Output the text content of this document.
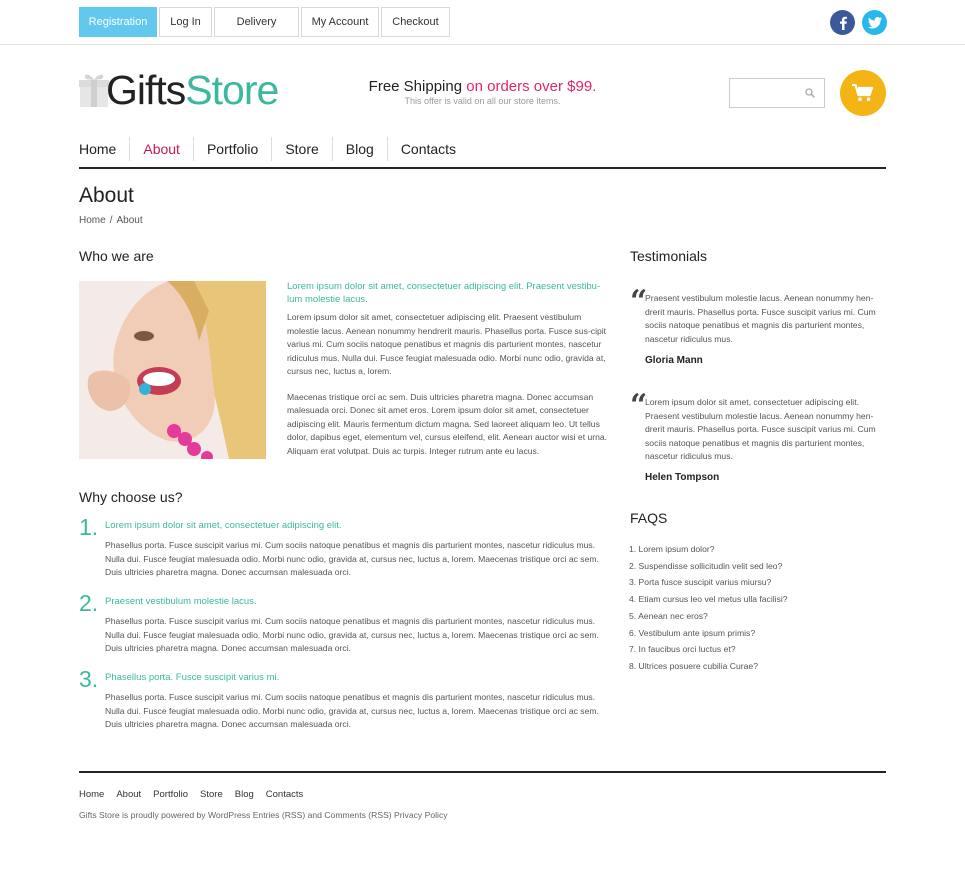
Registration	Log In	Delivery	My Account	Checkout
Gifts Store	Free Shipping on orders over $99.
This offer is valid on all our store items.
Home	About	Portfolio	Store	Blog	Contacts
About
Home / About
Who we are
Lorem ipsum dolor sit amet, consectetuer adipiscing elit. Praesent vestibu-lum molestie lacus.
Lorem ipsum dolor sit amet, consectetuer adipiscing elit. Praesent vestibulum molestie lacus. Aenean nonummy hendrerit mauris. Phasellus porta. Fusce sus-cipit varius mi. Cum sociis natoque penatibus et magnis dis parturient montes, nascetur ridiculus mus. Nulla dui. Fusce feugiat malesuada odio. Morbi nunc odio, gravida at, cursus nec, luctus a, lorem.
Maecenas tristique orci ac sem. Duis ultricies pharetra magna. Donec accumsan malesuada orci. Donec sit amet eros. Lorem ipsum dolor sit amet, consectetuer adipiscing elit. Mauris fermentum dictum magna. Sed laoreet aliquam leo. Ut tellus dolor, dapibus eget, elementum vel, cursus eleifend, elit. Aenean auctor wisi et urna. Aliquam erat volutpat. Duis ac turpis. Integer rutrum ante eu lacus.
Why choose us?
1. Lorem ipsum dolor sit amet, consectetuer adipiscing elit.
Phasellus porta. Fusce suscipit varius mi. Cum sociis natoque penatibus et magnis dis parturient montes, nascetur ridiculus mus. Nulla dui. Fusce feugiat malesuada odio. Morbi nunc odio, gravida at, cursus nec, luctus a, lorem. Maecenas tristique orci ac sem. Duis ultricies pharetra magna. Donec accumsan malesuada orci.
2. Praesent vestibulum molestie lacus.
Phasellus porta. Fusce suscipit varius mi. Cum sociis natoque penatibus et magnis dis parturient montes, nascetur ridiculus mus. Nulla dui. Fusce feugiat malesuada odio. Morbi nunc odio, gravida at, cursus nec, luctus a, lorem. Maecenas tristique orci ac sem. Duis ultricies pharetra magna. Donec accumsan malesuada orci.
3. Phasellus porta. Fusce suscipit varius mi.
Phasellus porta. Fusce suscipit varius mi. Cum sociis natoque penatibus et magnis dis parturient montes, nascetur ridiculus mus. Nulla dui. Fusce feugiat malesuada odio. Morbi nunc odio, gravida at, cursus nec, luctus a, lorem. Maecenas tristique orci ac sem. Duis ultricies pharetra magna. Donec accumsan malesuada orci.
Testimonials
“
Praesent vestibulum molestie lacus. Aenean nonummy hen-drerit mauris. Phasellus porta. Fusce suscipit varius mi. Cum sociis natoque penatibus et magnis dis parturient montes, nascetur ridiculus mus.
Gloria Mann
“
Lorem ipsum dolor sit amet, consectetuer adipiscing elit. Praesent vestibulum molestie lacus. Aenean nonummy hen-drerit mauris. Phasellus porta. Fusce suscipit varius mi. Cum sociis natoque penatibus et magnis dis parturient montes, nascetur ridiculus mus.
Helen Tompson
FAQS
1. Lorem ipsum dolor?
2. Suspendisse sollicitudin velit sed leo?
3. Porta fusce suscipit varius miursu?
4. Etiam cursus leo vel metus ulla facilisi?
5. Aenean nec eros?
6. Vestibulum ante ipsum primis?
7. In faucibus orci luctus et?
8. Ultrices posuere cubilia Curae?
Home About Portfolio Store Blog Contacts
Gifts Store is proudly powered by WordPress Entries (RSS) and Comments (RSS) Privacy Policy
